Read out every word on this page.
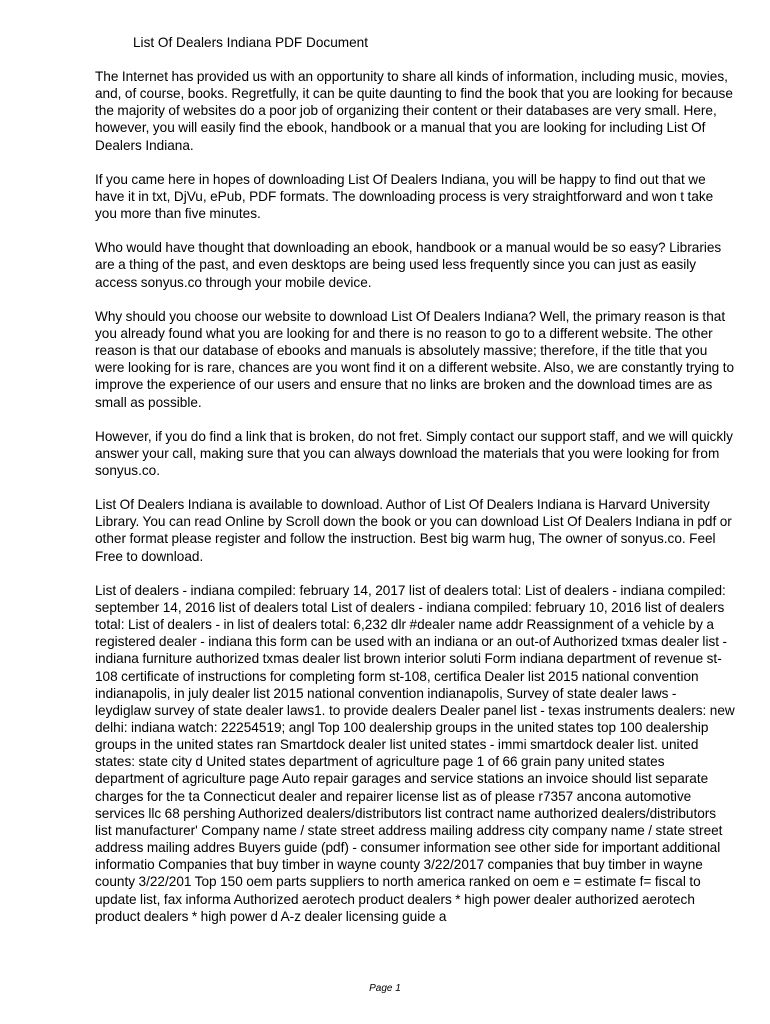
List Of Dealers Indiana PDF Document

The Internet has provided us with an opportunity to share all kinds of information, including music, movies, and, of course, books. Regretfully, it can be quite daunting to find the book that you are looking for because the majority of websites do a poor job of organizing their content or their databases are very small. Here, however, you will easily find the ebook, handbook or a manual that you are looking for including List Of Dealers Indiana.

If you came here in hopes of downloading List Of Dealers Indiana, you will be happy to find out that we have it in txt, DjVu, ePub, PDF formats. The downloading process is very straightforward and won t take you more than five minutes.

Who would have thought that downloading an ebook, handbook or a manual would be so easy? Libraries are a thing of the past, and even desktops are being used less frequently since you can just as easily access sonyus.co through your mobile device.

Why should you choose our website to download List Of Dealers Indiana? Well, the primary reason is that you already found what you are looking for and there is no reason to go to a different website. The other reason is that our database of ebooks and manuals is absolutely massive; therefore, if the title that you were looking for is rare, chances are you wont find it on a different website. Also, we are constantly trying to improve the experience of our users and ensure that no links are broken and the download times are as small as possible.

However, if you do find a link that is broken, do not fret. Simply contact our support staff, and we will quickly answer your call, making sure that you can always download the materials that you were looking for from sonyus.co.

List Of Dealers Indiana is available to download. Author of List Of Dealers Indiana is Harvard University Library. You can read Online by Scroll down the book or you can download List Of Dealers Indiana in pdf or other format please register and follow the instruction. Best big warm hug, The owner of sonyus.co. Feel Free to download.

List of dealers - indiana compiled: february 14, 2017 list of dealers total: List of dealers - indiana compiled: september 14, 2016 list of dealers total List of dealers - indiana compiled: february 10, 2016 list of dealers total: List of dealers - in list of dealers total: 6,232 dlr #dealer name addr Reassignment of a vehicle by a registered dealer - indiana this form can be used with an indiana or an out-of Authorized txmas dealer list - indiana furniture authorized txmas dealer list brown interior soluti Form indiana department of revenue st-108 certificate of instructions for completing form st-108, certifica Dealer list 2015 national convention indianapolis, in july dealer list 2015 national convention indianapolis, Survey of state dealer laws - leydiglaw survey of state dealer laws1. to provide dealers Dealer panel list - texas instruments dealers: new delhi: indiana watch: 22254519; angl Top 100 dealership groups in the united states top 100 dealership groups in the united states ran Smartdock dealer list united states - immi smartdock dealer list. united states: state city d United states department of agriculture page 1 of 66 grain pany united states department of agriculture page Auto repair garages and service stations an invoice should list separate charges for the ta Connecticut dealer and repairer license list as of please r7357 ancona automotive services llc 68 pershing Authorized dealers/distributors list contract name authorized dealers/distributors list manufacturer' Company name / state street address mailing address city company name / state street address mailing addres Buyers guide (pdf) - consumer information see other side for important additional informatio Companies that buy timber in wayne county 3/22/2017 companies that buy timber in wayne county 3/22/201 Top 150 oem parts suppliers to north america ranked on oem e = estimate f= fiscal to update list, fax informa Authorized aerotech product dealers * high power dealer authorized aerotech product dealers * high power d A-z dealer licensing guide a

Page 1
